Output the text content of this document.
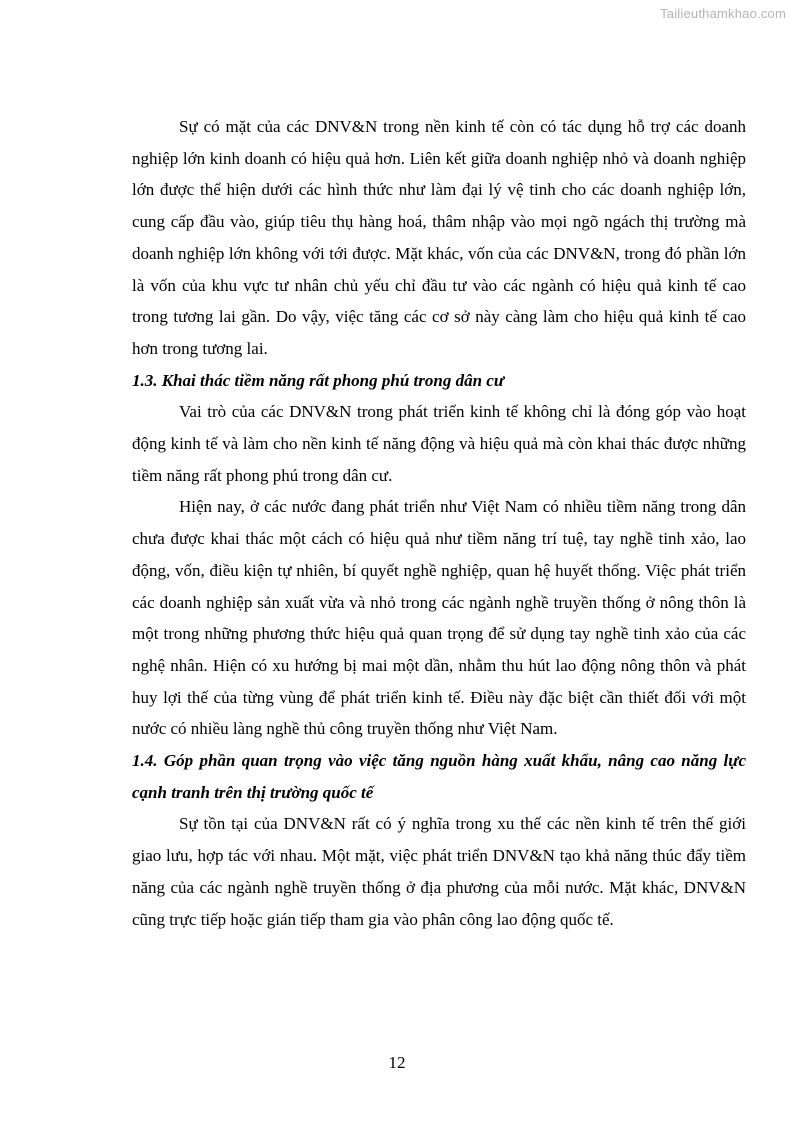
Tailieuthamkhao.com

Sự có mặt của các DNV&N trong nền kinh tế còn có tác dụng hỗ trợ các doanh nghiệp lớn kinh doanh có hiệu quả hơn. Liên kết giữa doanh nghiệp nhỏ và doanh nghiệp lớn được thể hiện dưới các hình thức như làm đại lý vệ tinh cho các doanh nghiệp lớn, cung cấp đầu vào, giúp tiêu thụ hàng hoá, thâm nhập vào mọi ngõ ngách thị trường mà doanh nghiệp lớn không với tới được. Mặt khác, vốn của các DNV&N, trong đó phần lớn là vốn của khu vực tư nhân chủ yếu chỉ đầu tư vào các ngành có hiệu quả kinh tế cao trong tương lai gần. Do vậy, việc tăng các cơ sở này càng làm cho hiệu quả kinh tế cao hơn trong tương lai.

1.3. Khai thác tiềm năng rất phong phú trong dân cư

Vai trò của các DNV&N trong phát triển kinh tế không chỉ là đóng góp vào hoạt động kinh tế và làm cho nền kinh tế năng động và hiệu quả mà còn khai thác được những tiềm năng rất phong phú trong dân cư.

Hiện nay, ở các nước đang phát triển như Việt Nam có nhiều tiềm năng trong dân chưa được khai thác một cách có hiệu quả như tiềm năng trí tuệ, tay nghề tinh xảo, lao động, vốn, điều kiện tự nhiên, bí quyết nghề nghiệp, quan hệ huyết thống. Việc phát triển các doanh nghiệp sản xuất vừa và nhỏ trong các ngành nghề truyền thống ở nông thôn là một trong những phương thức hiệu quả quan trọng để sử dụng tay nghề tinh xảo của các nghệ nhân. Hiện có xu hướng bị mai một dần, nhằm thu hút lao động nông thôn và phát huy lợi thế của từng vùng để phát triển kinh tế. Điều này đặc biệt cần thiết đối với một nước có nhiều làng nghề thủ công truyền thống như Việt Nam.

1.4. Góp phần quan trọng vào việc tăng nguồn hàng xuất khẩu, nâng cao năng lực cạnh tranh trên thị trường quốc tế

Sự tồn tại của DNV&N rất có ý nghĩa trong xu thế các nền kinh tế trên thế giới giao lưu, hợp tác với nhau. Một mặt, việc phát triển DNV&N tạo khả năng thúc đẩy tiềm năng của các ngành nghề truyền thống ở địa phương của mỗi nước. Mặt khác, DNV&N cũng trực tiếp hoặc gián tiếp tham gia vào phân công lao động quốc tế.

12
